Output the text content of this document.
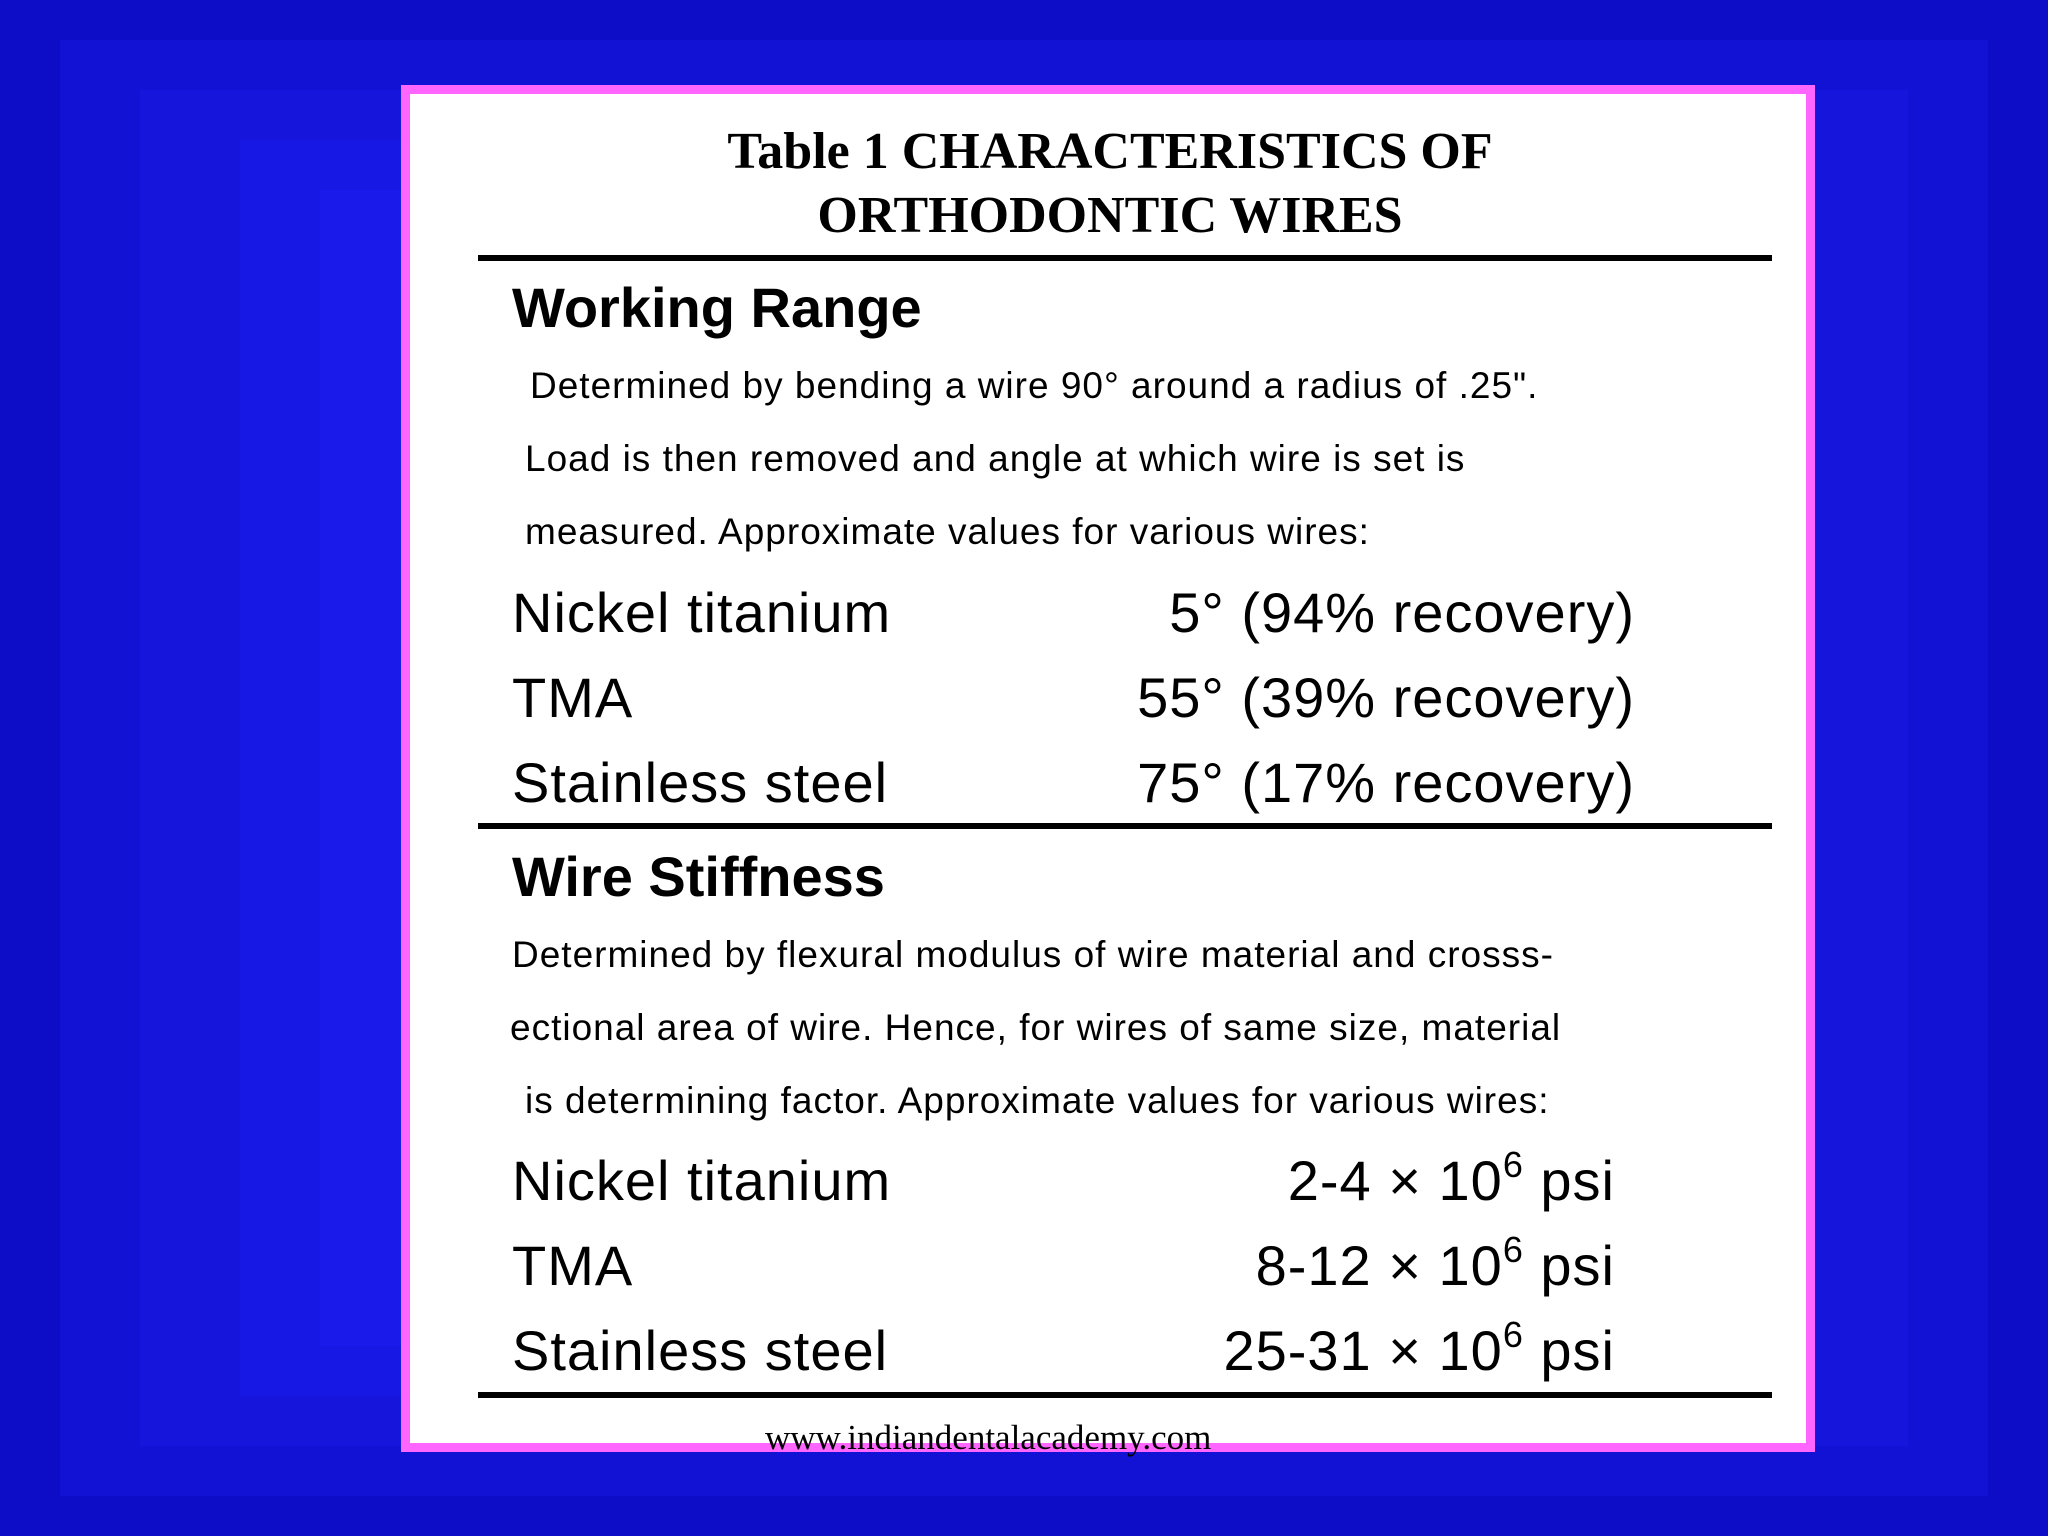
Table 1 CHARACTERISTICS OF
ORTHODONTIC WIRES
Working Range
Determined by bending a wire 90° around a radius of .25".
Load is then removed and angle at which wire is set is
measured. Approximate values for various wires:
Nickel titanium	5° (94% recovery)
TMA	55° (39% recovery)
Stainless steel	75° (17% recovery)
Wire Stiffness
Determined by flexural modulus of wire material and crosss-
ectional area of wire. Hence, for wires of same size, material
is determining factor. Approximate values for various wires:
Nickel titanium	$2-4 \times 10^6$ psi
TMA	$8-12 \times 10^6$ psi
Stainless steel	$25-31 \times 10^6$ psi
www.indiandentalacademy.com
